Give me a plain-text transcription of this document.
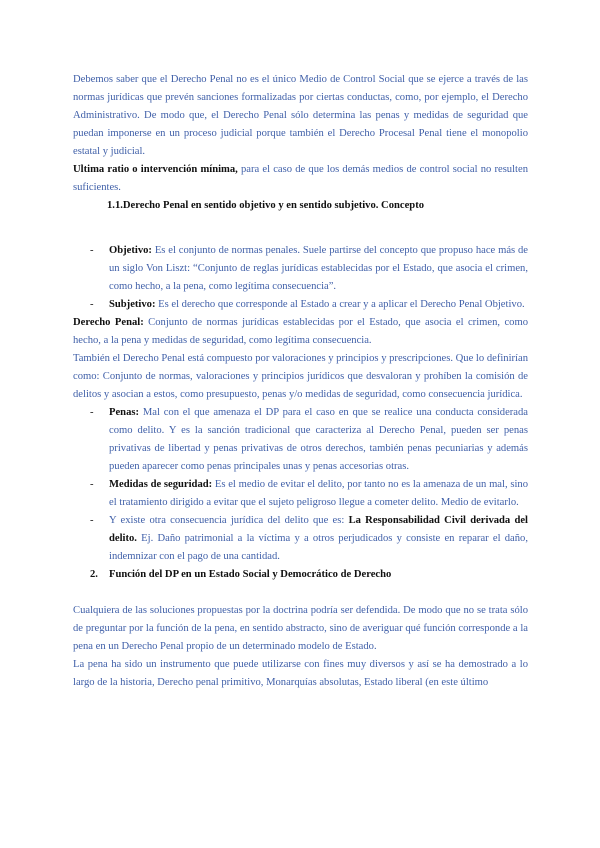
Debemos saber que el Derecho Penal no es el único Medio de Control Social que se ejerce a través de las normas jurídicas que prevén sanciones formalizadas por ciertas conductas, como, por ejemplo, el Derecho Administrativo. De modo que, el Derecho Penal sólo determina las penas y medidas de seguridad que puedan imponerse en un proceso judicial porque también el Derecho Procesal Penal tiene el monopolio estatal y judicial.

Ultima ratio o intervención mínima, para el caso de que los demás medios de control social no resulten suficientes.

1.1.Derecho Penal en sentido objetivo y en sentido subjetivo. Concepto
- Objetivo: Es el conjunto de normas penales. Suele partirse del concepto que propuso hace más de un siglo Von Liszt: “Conjunto de reglas jurídicas establecidas por el Estado, que asocia el crimen, como hecho, a la pena, como legítima consecuencia”.
- Subjetivo: Es el derecho que corresponde al Estado a crear y a aplicar el Derecho Penal Objetivo.

Derecho Penal: Conjunto de normas jurídicas establecidas por el Estado, que asocia el crimen, como hecho, a la pena y medidas de seguridad, como legítima consecuencia.

También el Derecho Penal está compuesto por valoraciones y principios y prescripciones. Que lo definirían como: Conjunto de normas, valoraciones y principios jurídicos que desvaloran y prohíben la comisión de delitos y asocian a estos, como presupuesto, penas y/o medidas de seguridad, como consecuencia jurídica.

- Penas: Mal con el que amenaza el DP para el caso en que se realice una conducta considerada como delito. Y es la sanción tradicional que caracteriza al Derecho Penal, pueden ser penas privativas de libertad y penas privativas de otros derechos, también penas pecuniarias y además pueden aparecer como penas principales unas y penas accesorias otras.
- Medidas de seguridad: Es el medio de evitar el delito, por tanto no es la amenaza de un mal, sino el tratamiento dirigido a evitar que el sujeto peligroso llegue a cometer delito. Medio de evitarlo.
- Y existe otra consecuencia jurídica del delito que es: La Responsabilidad Civil derivada del delito. Ej. Daño patrimonial a la víctima y a otros perjudicados y consiste en reparar el daño, indemnizar con el pago de una cantidad.
2. Función del DP en un Estado Social y Democrático de Derecho

Cualquiera de las soluciones propuestas por la doctrina podría ser defendida. De modo que no se trata sólo de preguntar por la función de la pena, en sentido abstracto, sino de averiguar qué función corresponde a la pena en un Derecho Penal propio de un determinado modelo de Estado.

La pena ha sido un instrumento que puede utilizarse con fines muy diversos y así se ha demostrado a lo largo de la historia, Derecho penal primitivo, Monarquías absolutas, Estado liberal (en este último
